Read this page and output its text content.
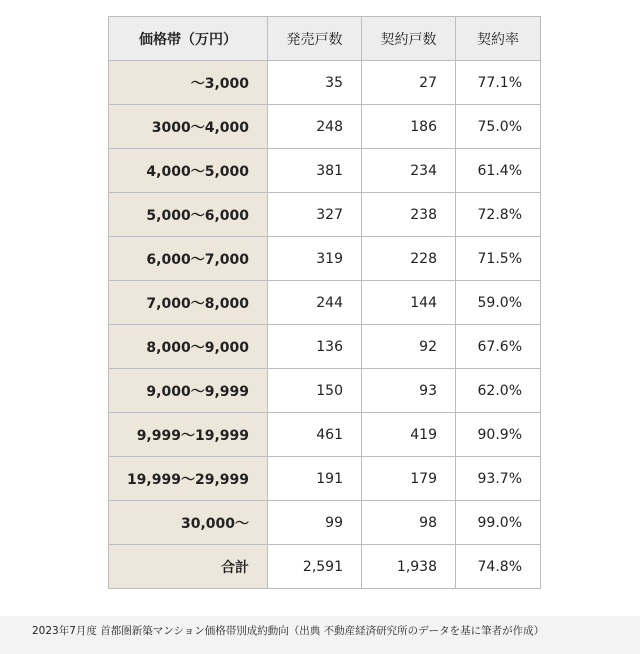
価格帯（万円）	発売戸数	契約戸数	契約率
〜3,000	35	27	77.1%
3000〜4,000	248	186	75.0%
4,000〜5,000	381	234	61.4%
5,000〜6,000	327	238	72.8%
6,000〜7,000	319	228	71.5%
7,000〜8,000	244	144	59.0%
8,000〜9,000	136	92	67.6%
9,000〜9,999	150	93	62.0%
9,999〜19,999	461	419	90.9%
19,999〜29,999	191	179	93.7%
30,000〜	99	98	99.0%
合計	2,591	1,938	74.8%
2023年7月度 首都圏新築マンション価格帯別成約動向（出典 不動産経済研究所のデータを基に筆者が作成）
